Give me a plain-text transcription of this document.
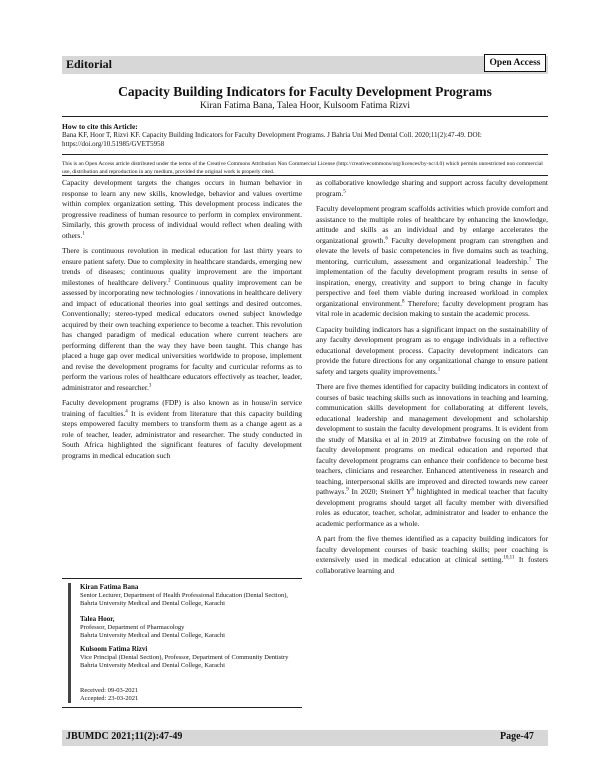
Editorial	Open Access
Capacity Building Indicators for Faculty Development Programs
Kiran Fatima Bana, Talea Hoor, Kulsoom Fatima Rizvi
How to cite this Article:
Bana KF, Hoor T, Rizvi KF. Capacity Building Indicators for Faculty Development Programs. J Bahria Uni Med Dental Coll. 2020;11(2):47-49. DOI: https://doi.org/10.51985/GVET5958
This is an Open Access article distributed under the terms of the Creative Commons Attribution Non Commercial License (http://creativecommons/org/licences/by-nc/4.0) which permits unrestricted non commercial use, distribution and reproduction in any medium, provided the original work is properly cited.

Capacity development targets the changes occurs in human behavior in response to learn any new skills, knowledge, behavior and values overtime within complex organization setting. This development process indicates the progressive readiness of human resource to perform in complex environment. Similarly, this growth process of individual would reflect when dealing with others.$^1$

There is continuous revolution in medical education for last thirty years to ensure patient safety. Due to complexity in healthcare standards, emerging new trends of diseases; continuous quality improvement are the important milestones of healthcare delivery.$^2$ Continuous quality improvement can be assessed by incorporating new technologies / innovations in healthcare delivery and impact of educational theories into goal settings and desired outcomes. Conventionally; stereo-typed medical educators owned subject knowledge acquired by their own teaching experience to become a teacher. This revolution has changed paradigm of medical education where current teachers are performing different than the way they have been taught. This change has placed a huge gap over medical universities worldwide to propose, implement and revise the development programs for faculty and curricular reforms as to perform the various roles of healthcare educators effectively as teacher, leader, administrator and researcher.$^3$

Faculty development programs (FDP) is also known as in house/in service training of faculties.$^4$ It is evident from literature that this capacity building steps empowered faculty members to transform them as a change agent as a role of teacher, leader, administrator and researcher. The study conducted in South Africa highlighted the significant features of faculty development programs in medical education such

as collaborative knowledge sharing and support across faculty development program.$^5$

Faculty development program scaffolds activities which provide comfort and assistance to the multiple roles of healthcare by enhancing the knowledge, attitude and skills as an individual and by enlarge accelerates the organizational growth.$^6$ Faculty development program can strengthen and elevate the levels of basic competencies in five domains such as teaching, mentoring, curriculum, assessment and organizational leadership.$^7$ The implementation of the faculty development program results in sense of inspiration, energy, creativity and support to bring change in faculty perspective and feel them viable during increased workload in complex organizational environment.$^8$ Therefore; faculty development program has vital role in academic decision making to sustain the academic process.

Capacity building indicators has a significant impact on the sustainability of any faculty development program as to engage individuals in a reflective educational development process. Capacity development indicators can provide the future directions for any organizational change to ensure patient safety and targets quality improvements.$^1$

There are five themes identified for capacity building indicators in context of courses of basic teaching skills such as innovations in teaching and learning, communication skills development for collaborating at different levels, educational leadership and management development and scholarship development to sustain the faculty development programs. It is evident from the study of Matsika et al in 2019 at Zimbabwe focusing on the role of faculty development programs on medical education and reported that faculty development programs can enhance their confidence to become best teachers, clinicians and researcher. Enhanced attentiveness in research and teaching, interpersonal skills are improved and directed towards new career pathways.$^9$ In 2020; Steinert $Y^6$ highlighted in medical teacher that faculty development programs should target all faculty member with diversified roles as educator, teacher, scholar, administrator and leader to enhance the academic performance as a whole.

A part from the five themes identified as a capacity building indicators for faculty development courses of basic teaching skills; peer coaching is extensively used in medical education at clinical setting.$^{10,11}$ It fosters collaborative learning and

Kiran Fatima Bana
Senior Lecturer, Department of Health Professional Education (Dental Section), Bahria University Medical and Dental College, Karachi
Talea Hoor,
Professor, Department of Pharmacology
Bahria University Medical and Dental College, Karachi
Kulsoom Fatima Rizvi
Vice Principal (Dental Section), Professor, Department of Community Dentistry
Bahria University Medical and Dental College, Karachi
Received: 09-03-2021
Accepted: 23-03-2021
JBUMDC 2021;11(2):47-49	Page-47
